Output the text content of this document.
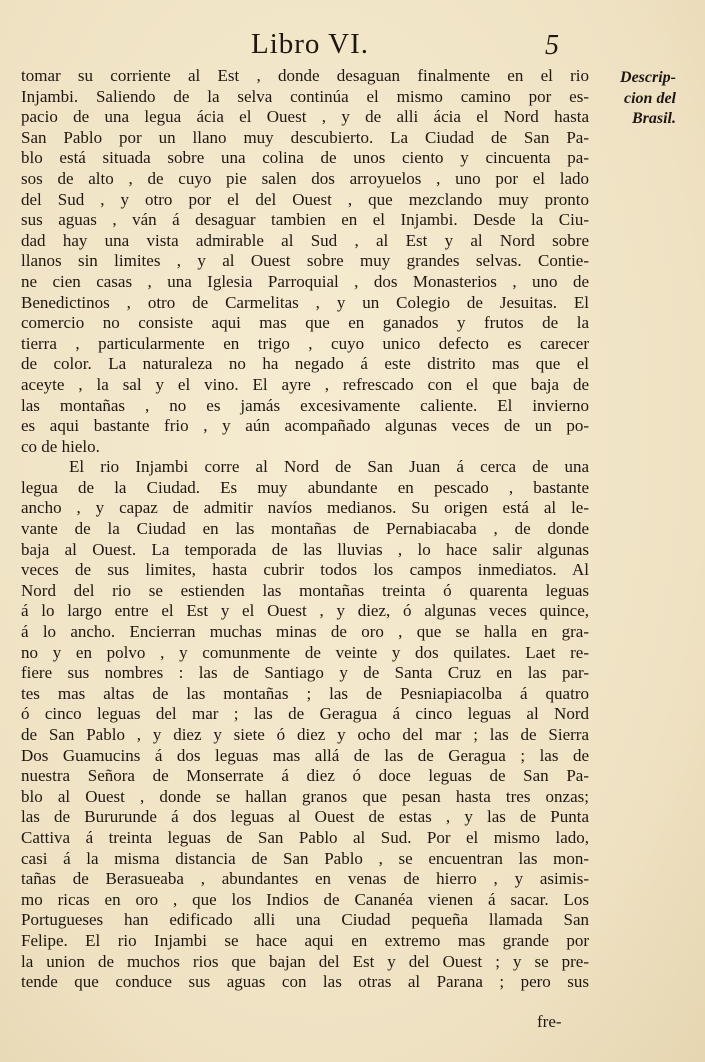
Libro VI.	5
Descrip-
cion del
Brasil.
tomar su corriente al Est , donde desaguan finalmente en el rio
Injambi. Saliendo de la selva continúa el mismo camino por es-
pacio de una legua ácia el Ouest , y de alli ácia el Nord hasta
San Pablo por un llano muy descubierto. La Ciudad de San Pa-
blo está situada sobre una colina de unos ciento y cincuenta pa-
sos de alto , de cuyo pie salen dos arroyuelos , uno por el lado
del Sud , y otro por el del Ouest , que mezclando muy pronto
sus aguas , ván á desaguar tambien en el Injambi. Desde la Ciu-
dad hay una vista admirable al Sud , al Est y al Nord sobre
llanos sin limites , y al Ouest sobre muy grandes selvas. Contie-
ne cien casas , una Iglesia Parroquial , dos Monasterios , uno de
Benedictinos , otro de Carmelitas , y un Colegio de Jesuitas. El
comercio no consiste aqui mas que en ganados y frutos de la
tierra , particularmente en trigo , cuyo unico defecto es carecer
de color. La naturaleza no ha negado á este distrito mas que el
aceyte , la sal y el vino. El ayre , refrescado con el que baja de
las montañas , no es jamás excesivamente caliente. El invierno
es aqui bastante frio , y aún acompañado algunas veces de un po-
co de hielo.
El rio Injambi corre al Nord de San Juan á cerca de una
legua de la Ciudad. Es muy abundante en pescado , bastante
ancho , y capaz de admitir navíos medianos. Su origen está al le-
vante de la Ciudad en las montañas de Pernabiacaba , de donde
baja al Ouest. La temporada de las lluvias , lo hace salir algunas
veces de sus limites, hasta cubrir todos los campos inmediatos. Al
Nord del rio se estienden las montañas treinta ó quarenta leguas
á lo largo entre el Est y el Ouest , y diez, ó algunas veces quince,
á lo ancho. Encierran muchas minas de oro , que se halla en gra-
no y en polvo , y comunmente de veinte y dos quilates. Laet re-
fiere sus nombres : las de Santiago y de Santa Cruz en las par-
tes mas altas de las montañas ; las de Pesniapiacolba á quatro
ó cinco leguas del mar ; las de Geragua á cinco leguas al Nord
de San Pablo , y diez y siete ó diez y ocho del mar ; las de Sierra
Dos Guamucins á dos leguas mas allá de las de Geragua ; las de
nuestra Señora de Monserrate á diez ó doce leguas de San Pa-
blo al Ouest , donde se hallan granos que pesan hasta tres onzas;
las de Bururunde á dos leguas al Ouest de estas , y las de Punta
Cattiva á treinta leguas de San Pablo al Sud. Por el mismo lado,
casi á la misma distancia de San Pablo , se encuentran las mon-
tañas de Berasueaba , abundantes en venas de hierro , y asimis-
mo ricas en oro , que los Indios de Cananéa vienen á sacar. Los
Portugueses han edificado alli una Ciudad pequeña llamada San
Felipe. El rio Injambi se hace aqui en extremo mas grande por
la union de muchos rios que bajan del Est y del Ouest ; y se pre-
tende que conduce sus aguas con las otras al Parana ; pero sus
fre-
